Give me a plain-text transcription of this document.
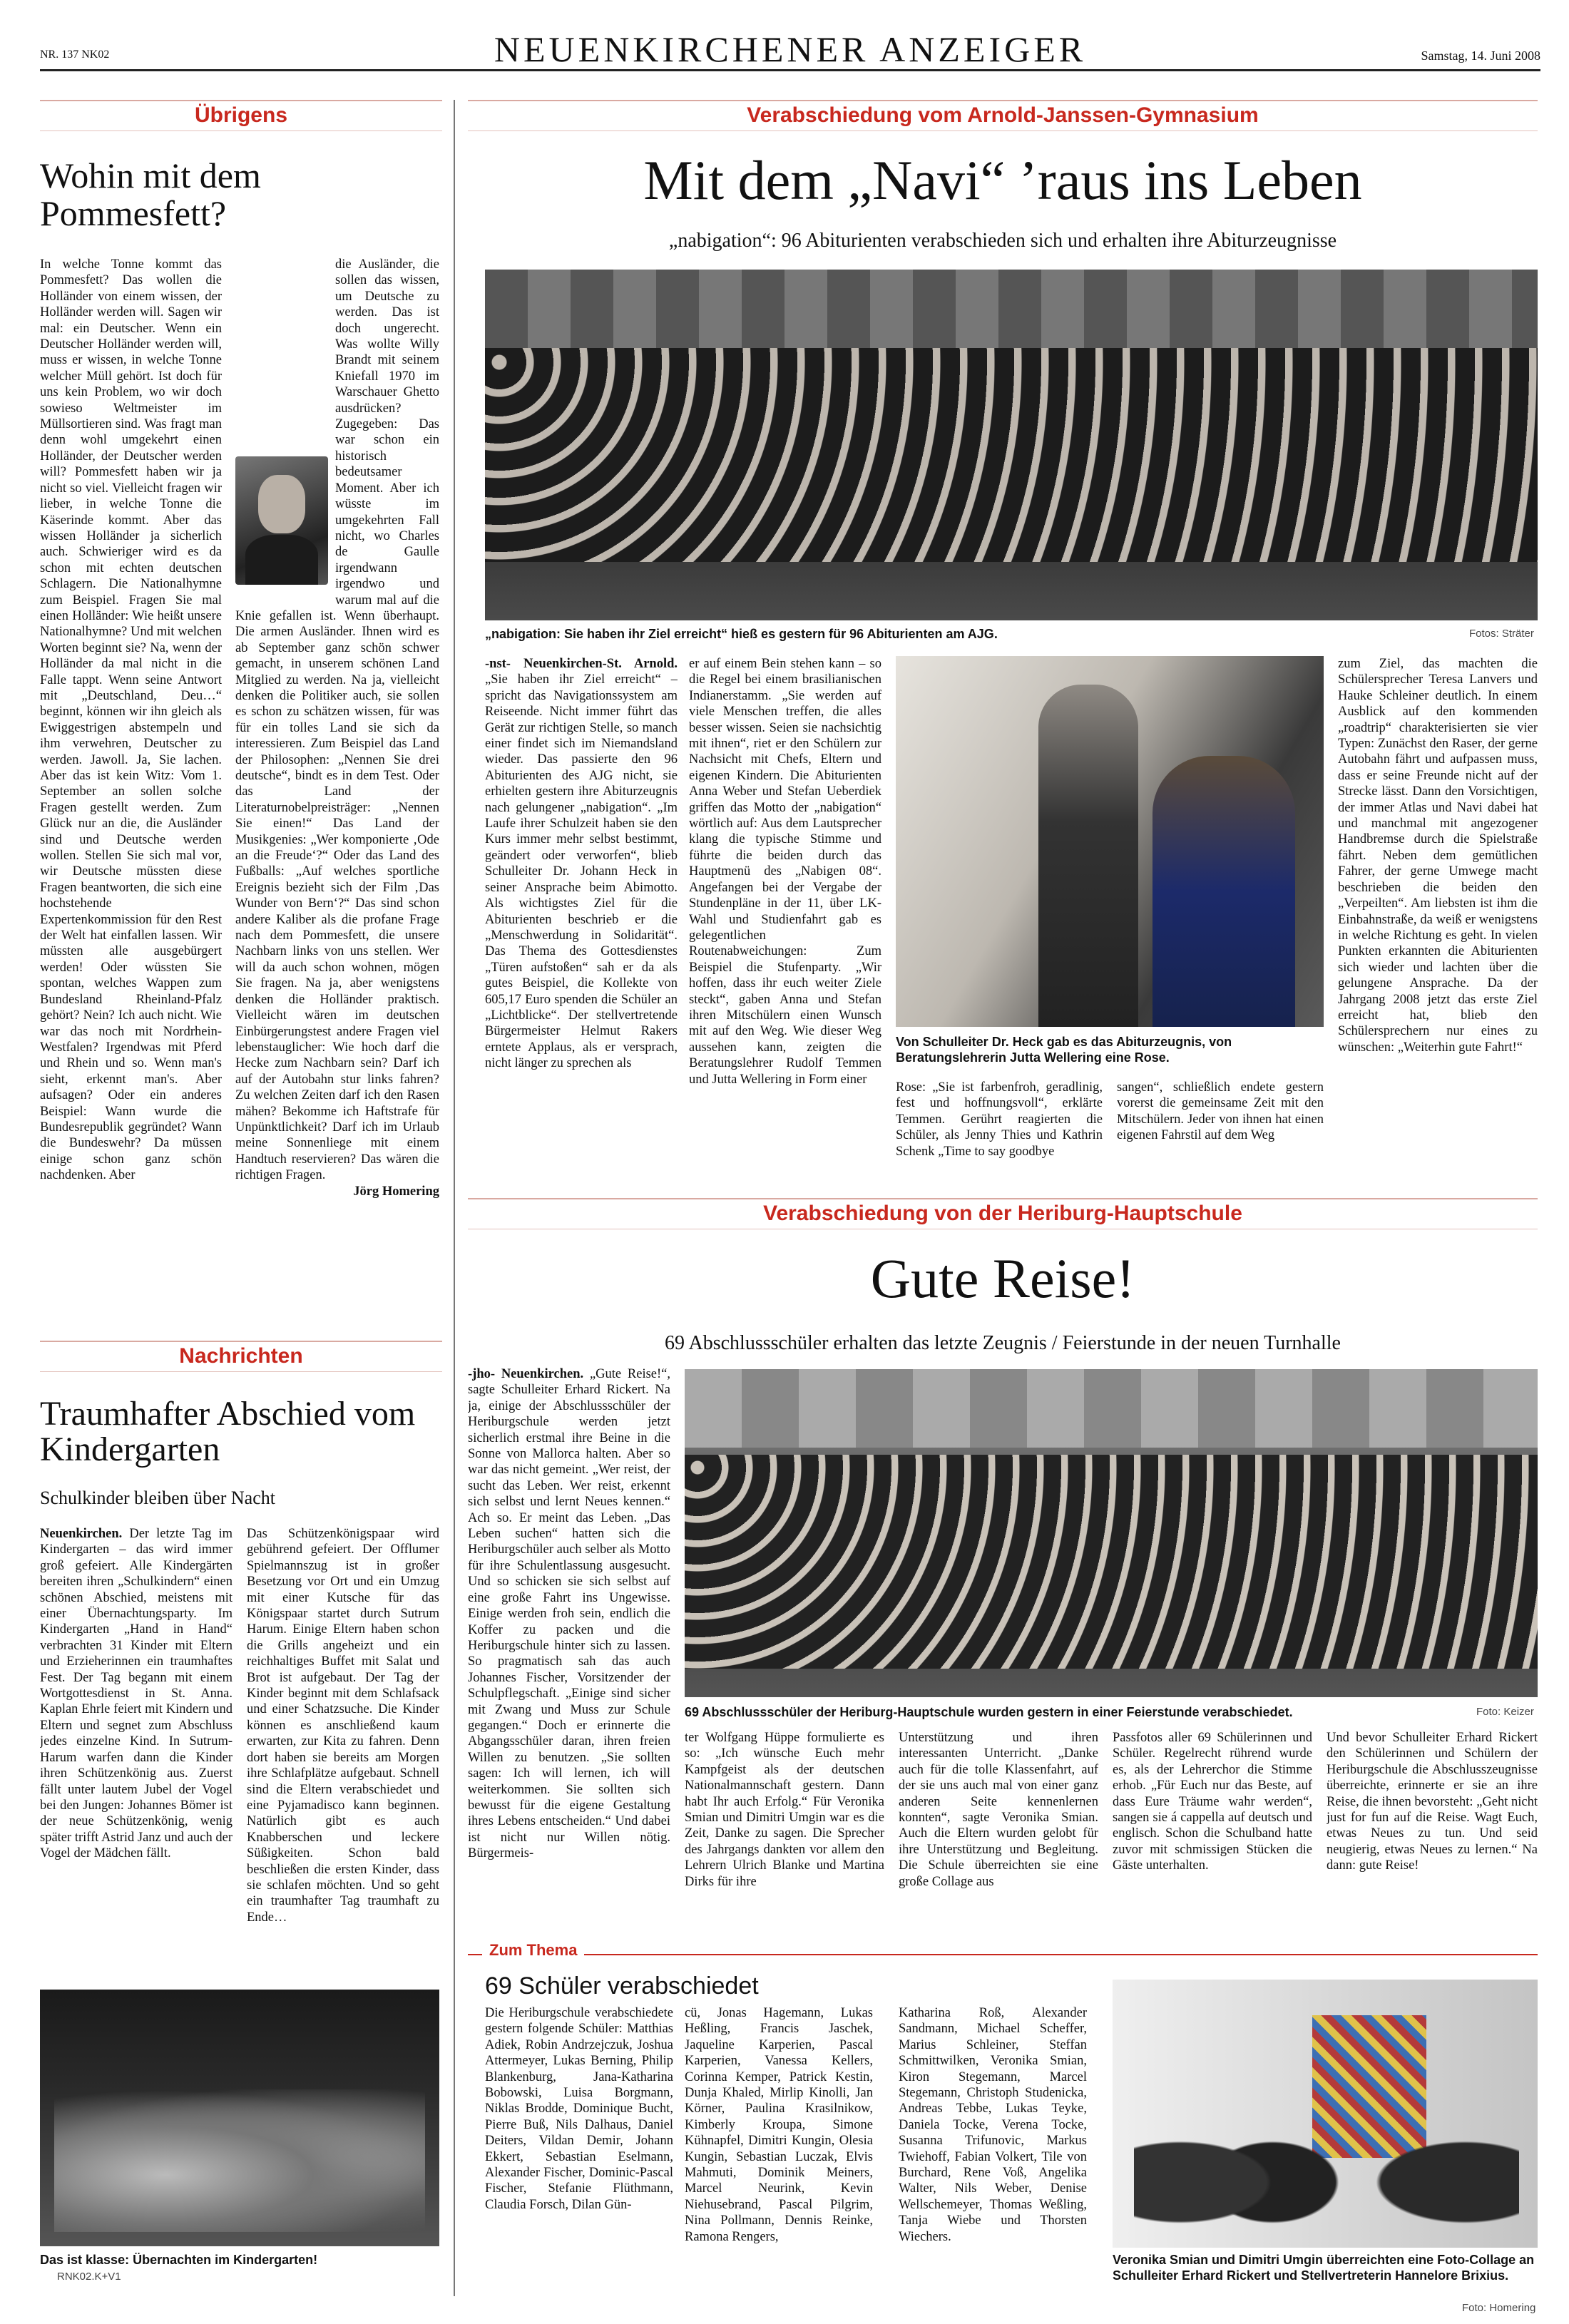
NR. 137 NK02	NEUENKIRCHENER ANZEIGER	Samstag, 14. Juni 2008
Übrigens
Wohin mit dem Pommesfett?
In welche Tonne kommt das Pommesfett? Das wollen die Holländer von einem wissen, der Holländer werden will. Sagen wir mal: ein Deutscher. Wenn ein Deutscher Holländer werden will, muss er wissen, in welche Tonne welcher Müll gehört. Ist doch für uns kein Problem, wo wir doch sowieso Weltmeister im Müllsortieren sind. Was fragt man denn wohl umgekehrt einen Holländer, der Deutscher werden will? Pommesfett haben wir ja nicht so viel. Vielleicht fragen wir lieber, in welche Tonne die Käserinde kommt. Aber das wissen Holländer ja sicherlich auch. Schwieriger wird es da schon mit echten deutschen Schlagern. Die Nationalhymne zum Beispiel. Fragen Sie mal einen Holländer: Wie heißt unsere Nationalhymne? Und mit welchen Worten beginnt sie? Na, wenn der Holländer da mal nicht in die Falle tappt. Wenn seine Antwort mit „Deutschland, Deu…“ beginnt, können wir ihn gleich als Ewiggestrigen abstempeln und ihm verwehren, Deutscher zu werden. Jawoll. Ja, Sie lachen. Aber das ist kein Witz: Vom 1. September an sollen solche Fragen gestellt werden. Zum Glück nur an die, die Ausländer sind und Deutsche werden wollen. Stellen Sie sich mal vor, wir Deutsche müssten diese Fragen beantworten, die sich eine hochstehende Expertenkommission für den Rest der Welt hat einfallen lassen. Wir müssten alle ausgebürgert werden! Oder wüssten Sie spontan, welches Wappen zum Bundesland Rheinland-Pfalz gehört? Nein? Ich auch nicht. Wie war das noch mit Nordrhein-Westfalen? Irgendwas mit Pferd und Rhein und so. Wenn man's sieht, erkennt man's. Aber aufsagen? Oder ein anderes Beispiel: Wann wurde die Bundesrepublik gegründet? Wann die Bundeswehr? Da müssen einige schon ganz schön nachdenken. Aber
die Ausländer, die sollen das wissen, um Deutsche zu werden. Das ist doch ungerecht. Was wollte Willy Brandt mit seinem Kniefall 1970 im Warschauer Ghetto ausdrücken? Zugegeben: Das war schon ein historisch bedeutsamer Moment. Aber ich wüsste im umgekehrten Fall nicht, wo Charles de Gaulle irgendwann irgendwo und warum mal auf die Knie gefallen ist. Wenn überhaupt. Die armen Ausländer. Ihnen wird es ab September ganz schön schwer gemacht, in unserem schönen Land Mitglied zu werden. Na ja, vielleicht denken die Politiker auch, sie sollen es schon zu schätzen wissen, für was für ein tolles Land sie sich da interessieren. Zum Beispiel das Land der Philosophen: „Nennen Sie drei deutsche“, bindt es in dem Test. Oder das Land der Literaturnobelpreisträger: „Nennen Sie einen!“ Das Land der Musikgenies: „Wer komponierte ‚Ode an die Freude‘?“ Oder das Land des Fußballs: „Auf welches sportliche Ereignis bezieht sich der Film ‚Das Wunder von Bern‘?“ Das sind schon andere Kaliber als die profane Frage nach dem Pommesfett, die unsere Nachbarn links von uns stellen. Wer will da auch schon wohnen, mögen Sie fragen. Na ja, aber wenigstens denken die Holländer praktisch. Vielleicht wären im deutschen Einbürgerungstest andere Fragen viel lebenstauglicher: Wie hoch darf die Hecke zum Nachbarn sein? Darf ich auf der Autobahn stur links fahren? Zu welchen Zeiten darf ich den Rasen mähen? Bekomme ich Haftstrafe für Unpünktlichkeit? Darf ich im Urlaub meine Sonnenliege mit einem Handtuch reservieren? Das wären die richtigen Fragen.
Jörg Homering
Nachrichten
Traumhafter Abschied vom Kindergarten
Schulkinder bleiben über Nacht
Neuenkirchen. Der letzte Tag im Kindergarten – das wird immer groß gefeiert. Alle Kindergärten bereiten ihren „Schulkindern“ einen schönen Abschied, meistens mit einer Übernachtungsparty. Im Kindergarten „Hand in Hand“ verbrachten 31 Kinder mit Eltern und Erzieherinnen ein traumhaftes Fest. Der Tag begann mit einem Wortgottesdienst in St. Anna. Kaplan Ehrle feiert mit Kindern und Eltern und segnet zum Abschluss jedes einzelne Kind. In Sutrum-Harum warfen dann die Kinder ihren Schützenkönig aus. Zuerst fällt unter lautem Jubel der Vogel bei den Jungen: Johannes Bömer ist der neue Schützenkönig, wenig später trifft Astrid Janz und auch der Vogel der Mädchen fällt.
Das Schützenkönigspaar wird gebührend gefeiert. Der Offlumer Spielmannszug ist in großer Besetzung vor Ort und ein Umzug mit einer Kutsche für das Königspaar startet durch Sutrum Harum. Einige Eltern haben schon die Grills angeheizt und ein reichhaltiges Buffet mit Salat und Brot ist aufgebaut. Der Tag der Kinder beginnt mit dem Schlafsack und einer Schatzsuche. Die Kinder können es anschließend kaum erwarten, zur Kita zu fahren. Denn dort haben sie bereits am Morgen ihre Schlafplätze aufgebaut. Schnell sind die Eltern verabschiedet und eine Pyjamadisco kann beginnen. Natürlich gibt es auch Knabberschen und leckere Süßigkeiten. Schon bald beschließen die ersten Kinder, dass sie schlafen möchten. Und so geht ein traumhafter Tag traumhaft zu Ende…
Das ist klasse: Übernachten im Kindergarten!
RNK02.K+V1
Verabschiedung vom Arnold-Janssen-Gymnasium
Mit dem „Navi“ ’raus ins Leben
„nabigation“: 96 Abiturienten verabschieden sich und erhalten ihre Abiturzeugnisse
„nabigation: Sie haben ihr Ziel erreicht“ hieß es gestern für 96 Abiturienten am AJG.	Fotos: Sträter
-nst- Neuenkirchen-St. Arnold. „Sie haben ihr Ziel erreicht“ – spricht das Navigationssystem am Reiseende. Nicht immer führt das Gerät zur richtigen Stelle, so manch einer findet sich im Niemandsland wieder. Das passierte den 96 Abiturienten des AJG nicht, sie erhielten gestern ihre Abiturzeugnis nach gelungener „nabigation“. „Im Laufe ihrer Schulzeit haben sie den Kurs immer mehr selbst bestimmt, geändert oder verworfen“, blieb Schulleiter Dr. Johann Heck in seiner Ansprache beim Abimotto. Als wichtigstes Ziel für die Abiturienten beschrieb er die „Menschwerdung in Solidarität“. Das Thema des Gottesdienstes „Türen aufstoßen“ sah er da als gutes Beispiel, die Kollekte von 605,17 Euro spenden die Schüler an „Lichtblicke“. Der stellvertretende Bürgermeister Helmut Rakers erntete Applaus, als er versprach, nicht länger zu sprechen als
er auf einem Bein stehen kann – so die Regel bei einem brasilianischen Indianerstamm. „Sie werden auf viele Menschen treffen, die alles besser wissen. Seien sie nachsichtig mit ihnen“, riet er den Schülern zur Nachsicht mit Chefs, Eltern und eigenen Kindern. Die Abiturienten Anna Weber und Stefan Ueberdiek griffen das Motto der „nabigation“ wörtlich auf: Aus dem Lautsprecher klang die typische Stimme und führte die beiden durch das Hauptmenü des „Nabigen 08“. Angefangen bei der Vergabe der Stundenpläne in der 11, über LK-Wahl und Studienfahrt gab es gelegentlichen Routenabweichungen: Zum Beispiel die Stufenparty. „Wir hoffen, dass ihr euch weiter Ziele steckt“, gaben Anna und Stefan ihren Mitschülern einen Wunsch mit auf den Weg. Wie dieser Weg aussehen kann, zeigten die Beratungslehrer Rudolf Temmen und Jutta Wellering in Form einer
Von Schulleiter Dr. Heck gab es das Abiturzeugnis, von Beratungslehrerin Jutta Wellering eine Rose.
Rose: „Sie ist farbenfroh, geradlinig, fest und hoffnungsvoll“, erklärte Temmen. Gerührt reagierten die Schüler, als Jenny Thies und Kathrin Schenk „Time to say goodbye
sangen“, schließlich endete gestern vorerst die gemeinsame Zeit mit den Mitschülern. Jeder von ihnen hat einen eigenen Fahrstil auf dem Weg
zum Ziel, das machten die Schülersprecher Teresa Lanvers und Hauke Schleiner deutlich. In einem Ausblick auf den kommenden „roadtrip“ charakterisierten sie vier Typen: Zunächst den Raser, der gerne Autobahn fährt und aufpassen muss, dass er seine Freunde nicht auf der Strecke lässt. Dann den Vorsichtigen, der immer Atlas und Navi dabei hat und manchmal mit angezogener Handbremse durch die Spielstraße fährt. Neben dem gemütlichen Fahrer, der gerne Umwege macht beschrieben die beiden den „Verpeilten“. Am liebsten ist ihm die Einbahnstraße, da weiß er wenigstens in welche Richtung es geht. In vielen Punkten erkannten die Abiturienten sich wieder und lachten über die gelungene Ansprache. Da der Jahrgang 2008 jetzt das erste Ziel erreicht hat, blieb den Schülersprechern nur eines zu wünschen: „Weiterhin gute Fahrt!“
Verabschiedung von der Heriburg-Hauptschule
Gute Reise!
69 Abschlussschüler erhalten das letzte Zeugnis / Feierstunde in der neuen Turnhalle
-jho- Neuenkirchen. „Gute Reise!“, sagte Schulleiter Erhard Rickert. Na ja, einige der Abschlussschüler der Heriburgschule werden jetzt sicherlich erstmal ihre Beine in die Sonne von Mallorca halten. Aber so war das nicht gemeint. „Wer reist, der sucht das Leben. Wer reist, erkennt sich selbst und lernt Neues kennen.“ Ach so. Er meint das Leben. „Das Leben suchen“ hatten sich die Heriburgschüler auch selber als Motto für ihre Schulentlassung ausgesucht. Und so schicken sie sich selbst auf eine große Fahrt ins Ungewisse. Einige werden froh sein, endlich die Koffer zu packen und die Heriburgschule hinter sich zu lassen. So pragmatisch sah das auch Johannes Fischer, Vorsitzender der Schulpflegschaft. „Einige sind sicher mit Zwang und Muss zur Schule gegangen.“ Doch er erinnerte die Abgangsschüler daran, ihren freien Willen zu benutzen. „Sie sollten sagen: Ich will lernen, ich will weiterkommen. Sie sollten sich bewusst für die eigene Gestaltung ihres Lebens entscheiden.“ Und dabei ist nicht nur Willen nötig. Bürgermeis-
69 Abschlussschüler der Heriburg-Hauptschule wurden gestern in einer Feierstunde verabschiedet.	Foto: Keizer
ter Wolfgang Hüppe formulierte es so: „Ich wünsche Euch mehr Kampfgeist als der deutschen Nationalmannschaft gestern. Dann habt Ihr auch Erfolg.“ Für Veronika Smian und Dimitri Umgin war es die Zeit, Danke zu sagen. Die Sprecher des Jahrgangs dankten vor allem den Lehrern Ulrich Blanke und Martina Dirks für ihre
Unterstützung und ihren interessanten Unterricht. „Danke auch für die tolle Klassenfahrt, auf der sie uns auch mal von einer ganz anderen Seite kennenlernen konnten“, sagte Veronika Smian. Auch die Eltern wurden gelobt für ihre Unterstützung und Begleitung. Die Schule überreichten sie eine große Collage aus
Passfotos aller 69 Schülerinnen und Schüler. Regelrecht rührend wurde es, als der Lehrerchor die Stimme erhob. „Für Euch nur das Beste, auf dass Eure Träume wahr werden“, sangen sie á cappella auf deutsch und englisch. Schon die Schulband hatte zuvor mit schmissigen Stücken die Gäste unterhalten.
Und bevor Schulleiter Erhard Rickert den Schülerinnen und Schülern der Heriburgschule die Abschlusszeugnisse überreichte, erinnerte er sie an ihre Reise, die ihnen bevorsteht: „Geht nicht just for fun auf die Reise. Wagt Euch, etwas Neues zu tun. Und seid neugierig, etwas Neues zu lernen.“ Na dann: gute Reise!
Zum Thema
69 Schüler verabschiedet
Die Heriburgschule verabschiedete gestern folgende Schüler: Matthias Adiek, Robin Andrzejczuk, Joshua Attermeyer, Lukas Berning, Philip Blankenburg, Jana-Katharina Bobowski, Luisa Borgmann, Niklas Brodde, Dominique Bucht, Pierre Buß, Nils Dalhaus, Daniel Deiters, Vildan Demir, Johann Ekkert, Sebastian Eselmann, Alexander Fischer, Dominic-Pascal Fischer, Stefanie Flüthmann, Claudia Forsch, Dilan Gün-
cü, Jonas Hagemann, Lukas Heßling, Francis Jaschek, Jaqueline Karperien, Pascal Karperien, Vanessa Kellers, Corinna Kemper, Patrick Kestin, Dunja Khaled, Mirlip Kinolli, Jan Körner, Paulina Krasilnikow, Kimberly Kroupa, Simone Kühnapfel, Dimitri Kungin, Olesia Kungin, Sebastian Luczak, Elvis Mahmuti, Dominik Meiners, Marcel Neurink, Kevin Niehusebrand, Pascal Pilgrim, Nina Pollmann, Dennis Reinke, Ramona Rengers,
Katharina Roß, Alexander Sandmann, Michael Scheffer, Marius Schleiner, Steffan Schmittwilken, Veronika Smian, Kiron Stegemann, Marcel Stegemann, Christoph Studenicka, Andreas Tebbe, Lukas Teyke, Daniela Tocke, Verena Tocke, Susanna Trifunovic, Markus Twiehoff, Fabian Volkert, Tile von Burchard, Rene Voß, Angelika Walter, Nils Weber, Denise Wellschemeyer, Thomas Weßling, Tanja Wiebe und Thorsten Wiechers.
Veronika Smian und Dimitri Umgin überreichten eine Foto-Collage an Schulleiter Erhard Rickert und Stellvertreterin Hannelore Brixius.
Foto: Homering
